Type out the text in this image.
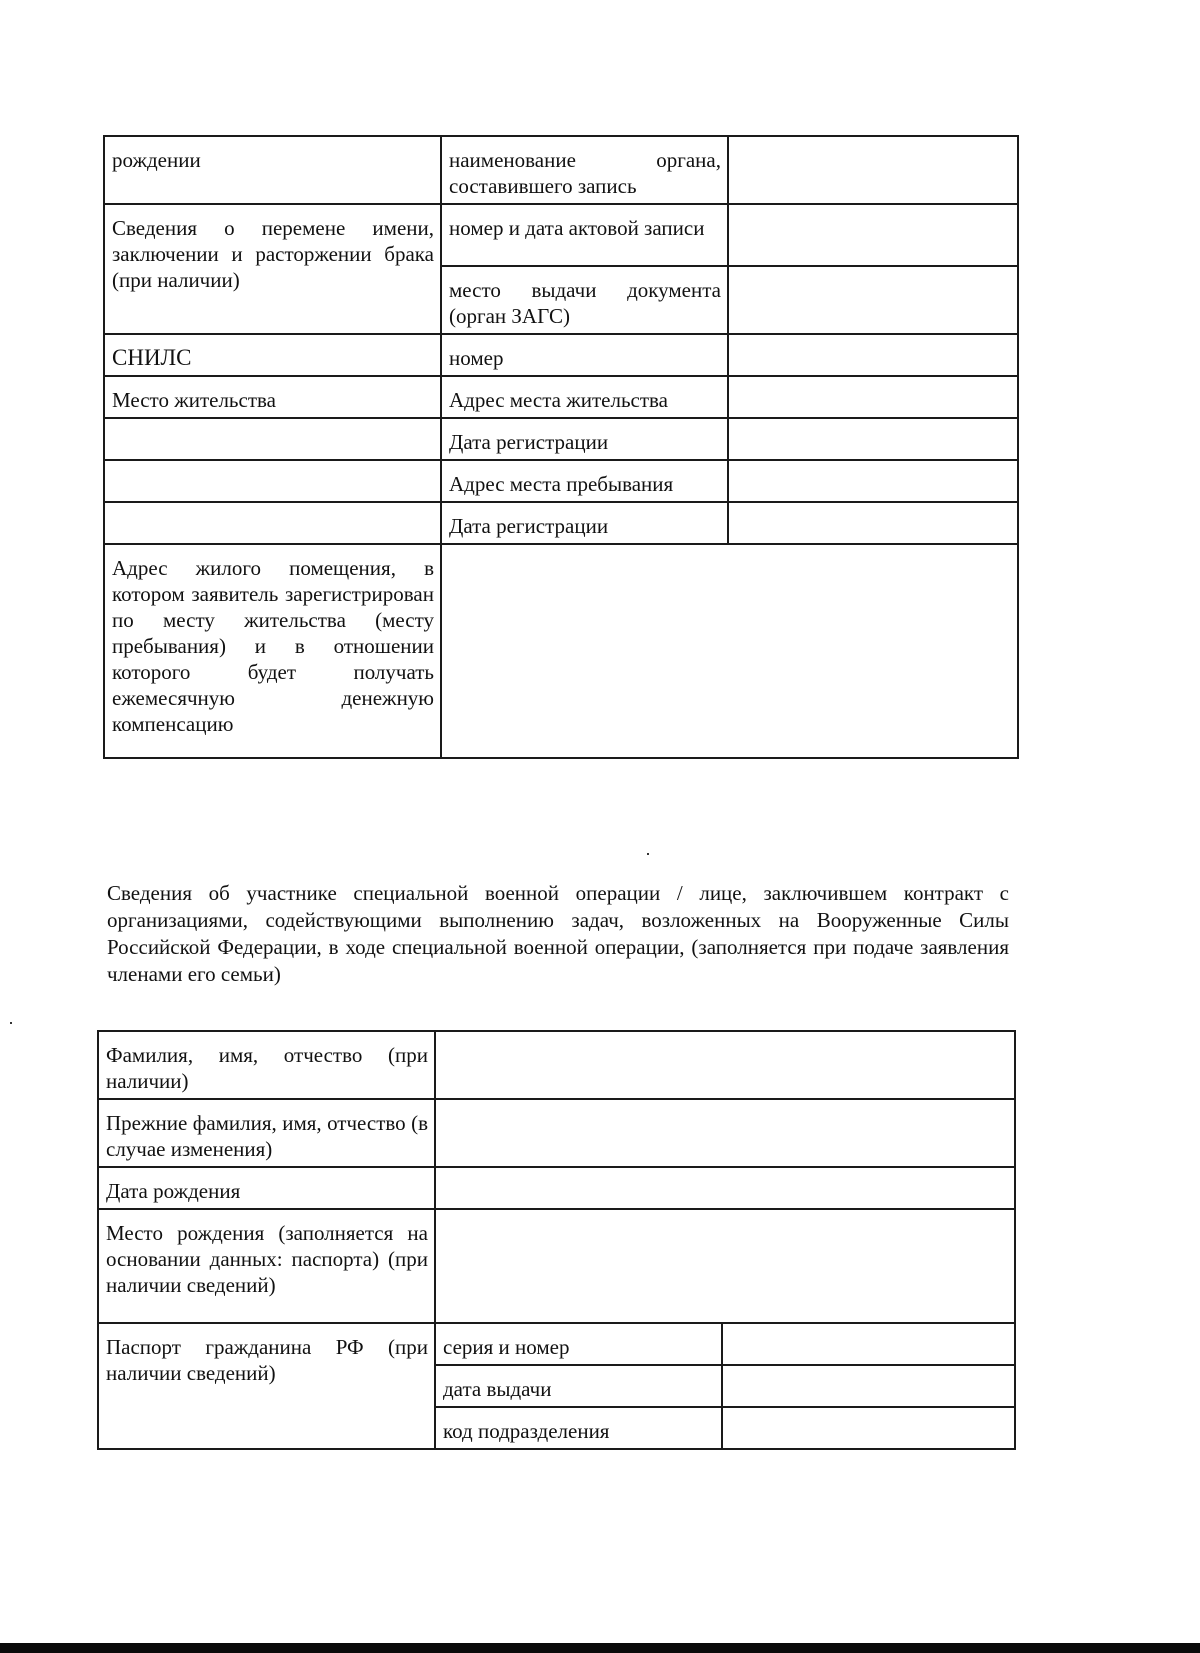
рождении	наименование органа, составившего запись	
Сведения о перемене имени, заключении и расторжении брака (при наличии)	номер и дата актовой записи	
	место выдачи документа (орган ЗАГС)	
СНИЛС	номер	
Место жительства	Адрес места жительства	
	Дата регистрации	
	Адрес места пребывания	
	Дата регистрации	
Адрес жилого помещения, в котором заявитель зарегистрирован по месту жительства (месту пребывания) и в отношении которого будет получать ежемесячную денежную компенсацию		
Сведения об участнике специальной военной операции / лице, заключившем контракт с организациями, содействующими выполнению задач, возложенных на Вооруженные Силы Российской Федерации, в ходе специальной военной операции, (заполняется при подаче заявления членами его семьи)
Фамилия, имя, отчество (при наличии)		
Прежние фамилия, имя, отчество (в случае изменения)		
Дата рождения		
Место рождения (заполняется на основании данных: паспорта) (при наличии сведений)		
Паспорт гражданина РФ (при наличии сведений)	серия и номер	
	дата выдачи	
	код подразделения	
